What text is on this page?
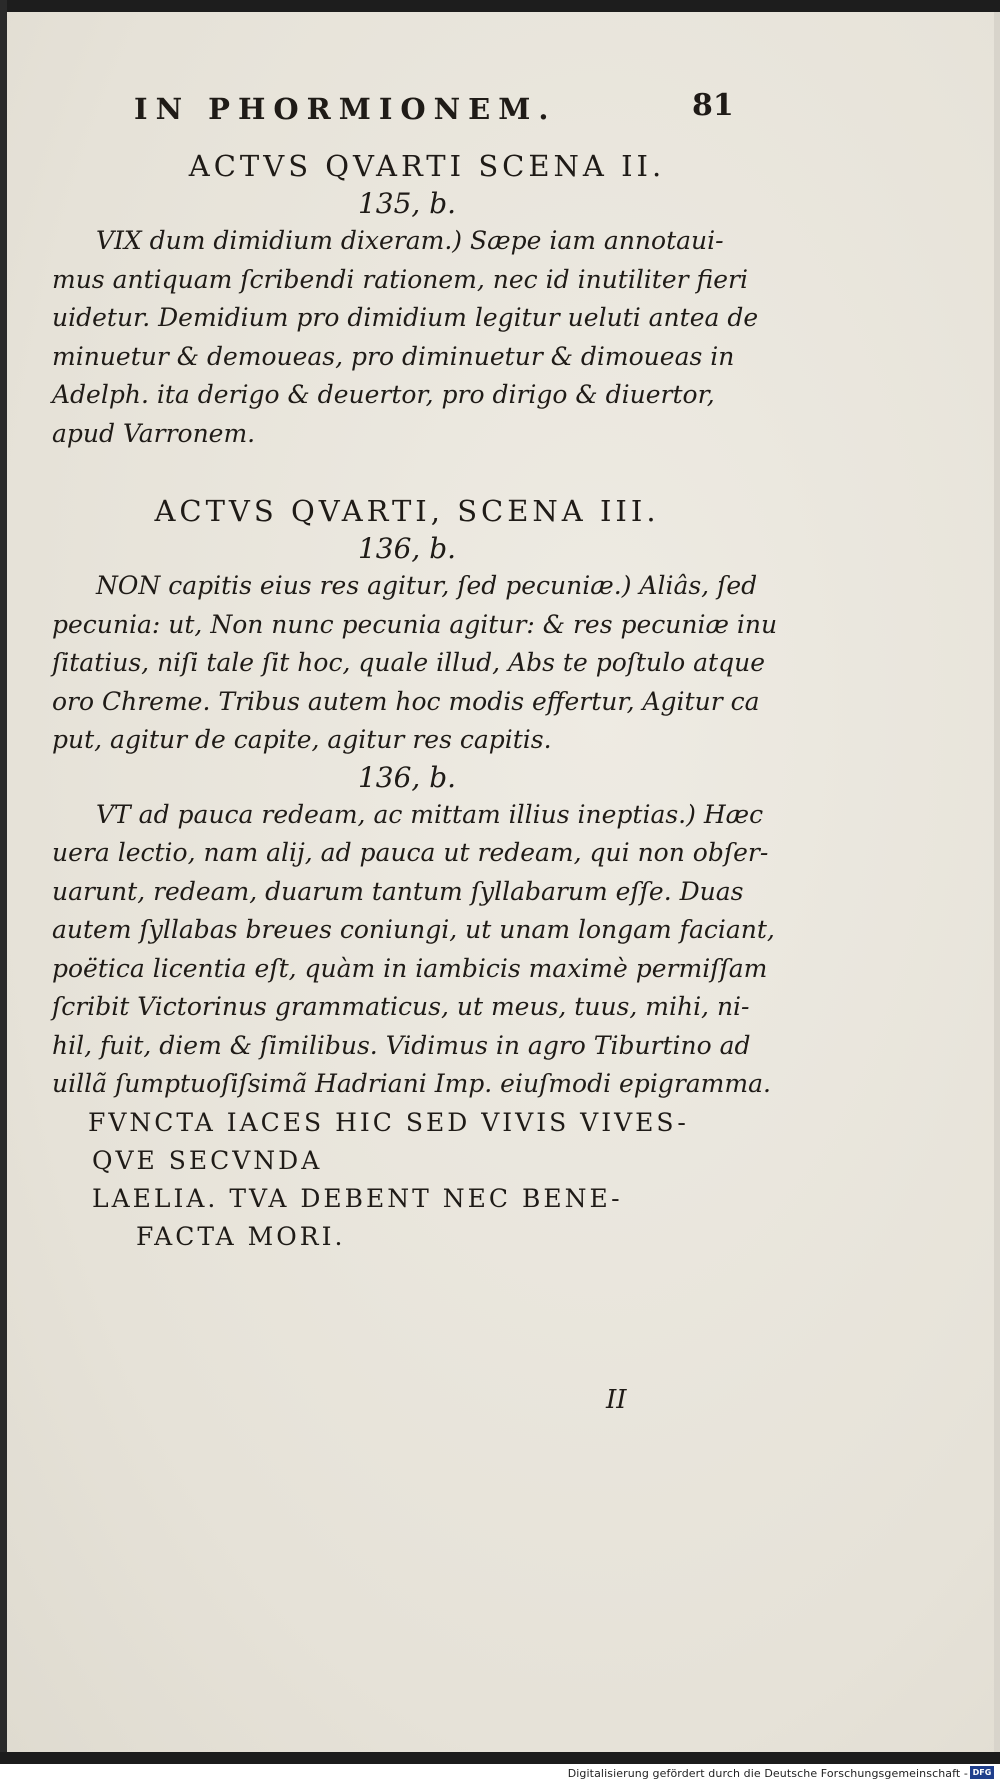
IN PHORMIONEM.	81

ACTVS QVARTI SCENA II.

135, b.

VIX dum dimidium dixeram.) Sæpe iam annotaui-
mus antiquam ſcribendi rationem, nec id inutiliter fieri
uidetur. Demidium pro dimidium legitur ueluti antea de
minuetur & demoueas, pro diminuetur & dimoueas in
Adelph. ita derigo & deuertor, pro dirigo & diuertor,
apud Varronem.

ACTVS QVARTI, SCENA III.

136, b.

NON capitis eius res agitur, ſed pecuniæ.) Aliâs, ſed
pecunia: ut, Non nunc pecunia agitur: & res pecuniæ inu
ſitatius, niſi tale ſit hoc, quale illud, Abs te poſtulo atque
oro Chreme. Tribus autem hoc modis effertur, Agitur ca
put, agitur de capite, agitur res capitis.

136, b.

VT ad pauca redeam, ac mittam illius ineptias.) Hæc
uera lectio, nam alij, ad pauca ut redeam, qui non obſer-
uarunt, redeam, duarum tantum ſyllabarum eſſe. Duas
autem ſyllabas breues coniungi, ut unam longam faciant,
poëtica licentia eſt, quàm in iambicis maximè permiſſam
ſcribit Victorinus grammaticus, ut meus, tuus, mihi, ni-
hil, fuit, diem & ſimilibus. Vidimus in agro Tiburtino ad
uillã ſumptuoſiſsimã Hadriani Imp. eiuſmodi epigramma.
FVNCTA IACES HIC SED VIVIS VIVES-
QVE SECVNDA
LAELIA. TVA DEBENT NEC BENE-
FACTA MORI.
II
Digitalisierung gefördert durch die Deutsche Forschungsgemeinschaft - DFG
